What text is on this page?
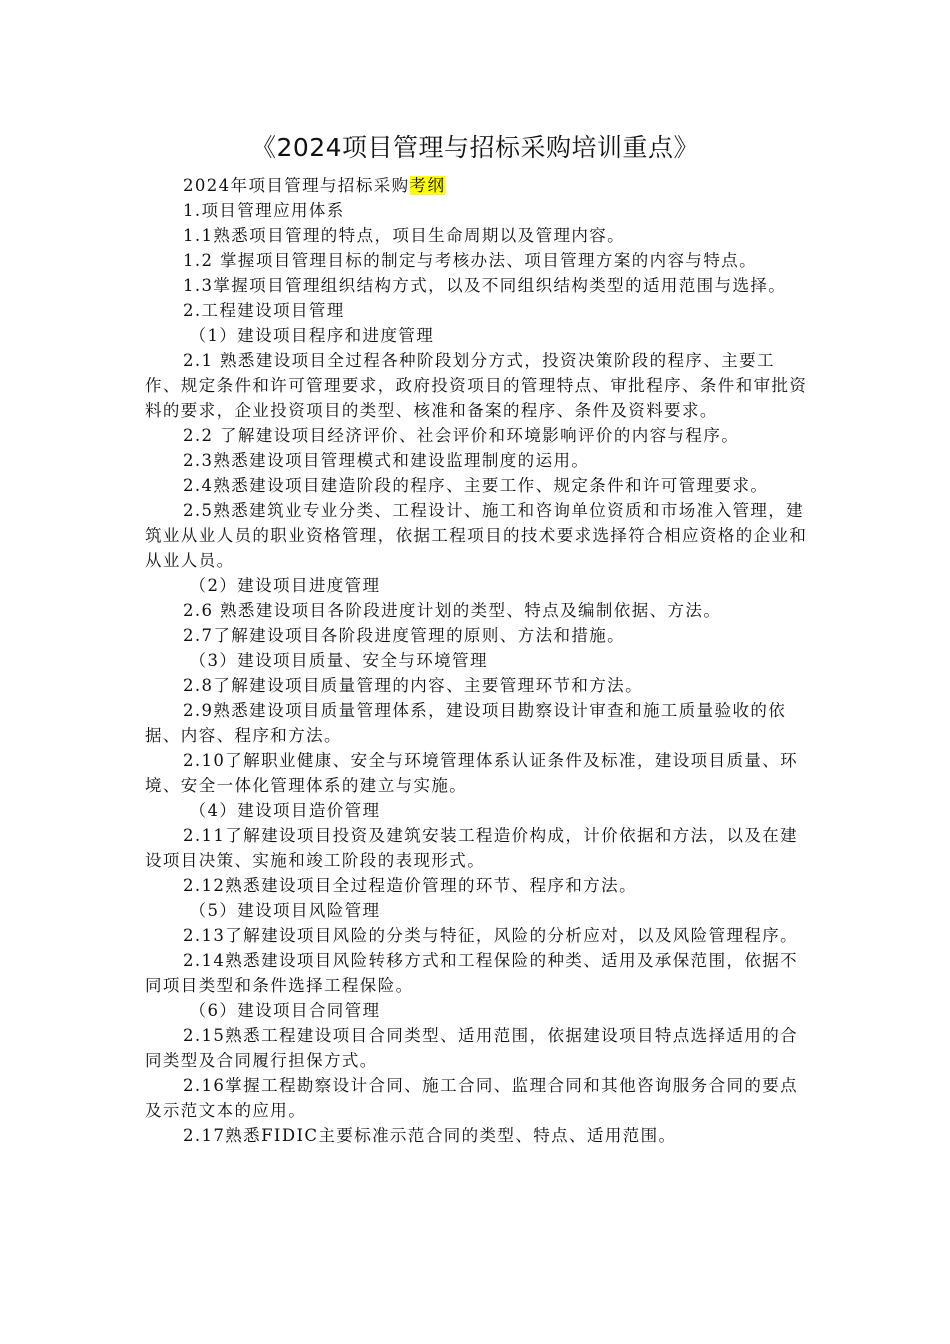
《2024项目管理与招标采购培训重点》

2024年项目管理与招标采购考纲

1.项目管理应用体系

1.1熟悉项目管理的特点，项目生命周期以及管理内容。

1.2 掌握项目管理目标的制定与考核办法、项目管理方案的内容与特点。

1.3掌握项目管理组织结构方式，以及不同组织结构类型的适用范围与选择。

2.工程建设项目管理

（1）建设项目程序和进度管理

2.1 熟悉建设项目全过程各种阶段划分方式，投资决策阶段的程序、主要工作、规定条件和许可管理要求，政府投资项目的管理特点、审批程序、条件和审批资料的要求，企业投资项目的类型、核准和备案的程序、条件及资料要求。

2.2 了解建设项目经济评价、社会评价和环境影响评价的内容与程序。

2.3熟悉建设项目管理模式和建设监理制度的运用。

2.4熟悉建设项目建造阶段的程序、主要工作、规定条件和许可管理要求。

2.5熟悉建筑业专业分类、工程设计、施工和咨询单位资质和市场准入管理，建筑业从业人员的职业资格管理，依据工程项目的技术要求选择符合相应资格的企业和从业人员。

（2）建设项目进度管理

2.6 熟悉建设项目各阶段进度计划的类型、特点及编制依据、方法。

2.7了解建设项目各阶段进度管理的原则、方法和措施。

（3）建设项目质量、安全与环境管理

2.8了解建设项目质量管理的内容、主要管理环节和方法。

2.9熟悉建设项目质量管理体系，建设项目勘察设计审查和施工质量验收的依据、内容、程序和方法。

2.10了解职业健康、安全与环境管理体系认证条件及标准，建设项目质量、环境、安全一体化管理体系的建立与实施。

（4）建设项目造价管理

2.11了解建设项目投资及建筑安装工程造价构成，计价依据和方法，以及在建设项目决策、实施和竣工阶段的表现形式。

2.12熟悉建设项目全过程造价管理的环节、程序和方法。

（5）建设项目风险管理

2.13了解建设项目风险的分类与特征，风险的分析应对，以及风险管理程序。

2.14熟悉建设项目风险转移方式和工程保险的种类、适用及承保范围，依据不同项目类型和条件选择工程保险。

（6）建设项目合同管理

2.15熟悉工程建设项目合同类型、适用范围，依据建设项目特点选择适用的合同类型及合同履行担保方式。

2.16掌握工程勘察设计合同、施工合同、监理合同和其他咨询服务合同的要点及示范文本的应用。

2.17熟悉FIDIC主要标准示范合同的类型、特点、适用范围。
